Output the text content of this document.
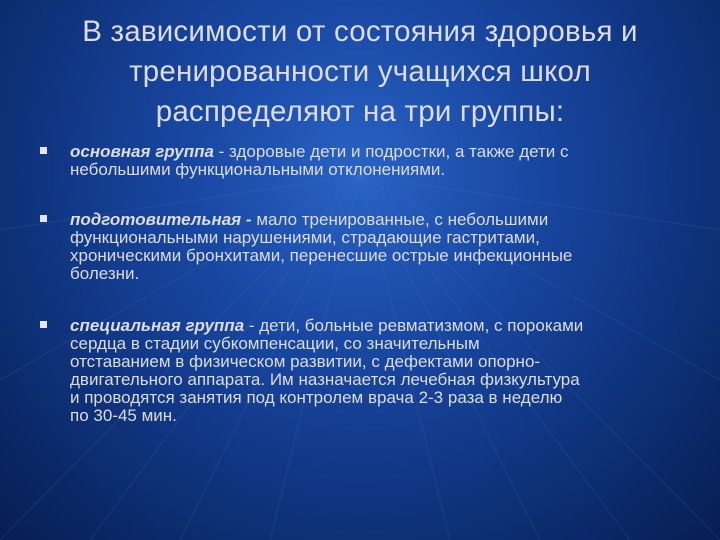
В зависимости от состояния здоровья и
тренированности учащихся школ
распределяют на три группы:
основная группа - здоровые дети и подростки, а также дети с
небольшими функциональными отклонениями.
подготовительная - мало тренированные, с небольшими
функциональными нарушениями, страдающие гастритами,
хроническими бронхитами, перенесшие острые инфекционные
болезни.
специальная группа - дети, больные ревматизмом, с пороками
сердца в стадии субкомпенсации, со значительным
отставанием в физическом развитии, с дефектами опорно-
двигательного аппарата. Им назначается лечебная физкультура
и проводятся занятия под контролем врача 2-3 раза в неделю
по 30-45 мин.
